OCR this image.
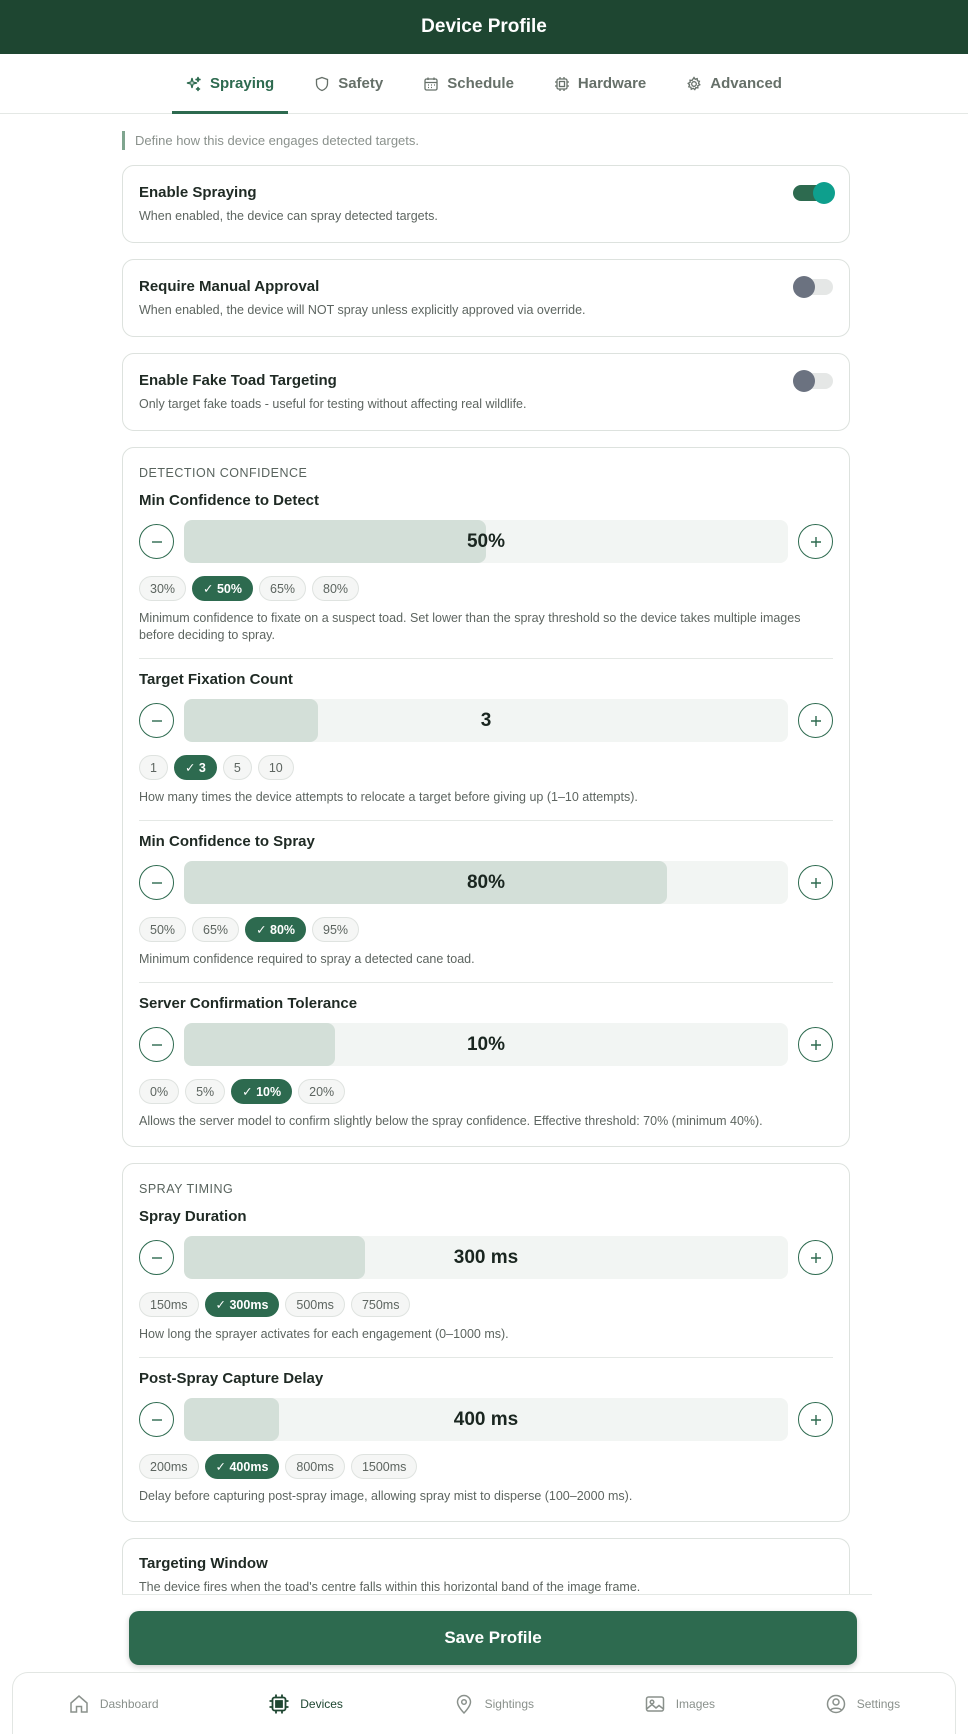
Device Profile
Spraying	Safety	Schedule	Hardware	Advanced
Define how this device engages detected targets.
Enable Spraying
When enabled, the device can spray detected targets.
Require Manual Approval
When enabled, the device will NOT spray unless explicitly approved via override.
Enable Fake Toad Targeting
Only target fake toads - useful for testing without affecting real wildlife.
DETECTION CONFIDENCE
Min Confidence to Detect
50%
30%	✓ 50%	65%	80%
Minimum confidence to fixate on a suspect toad. Set lower than the spray threshold so the device takes multiple images before deciding to spray.
Target Fixation Count
3
1	✓ 3	5	10
How many times the device attempts to relocate a target before giving up (1–10 attempts).
Min Confidence to Spray
80%
50%	65%	✓ 80%	95%
Minimum confidence required to spray a detected cane toad.
Server Confirmation Tolerance
10%
0%	5%	✓ 10%	20%
Allows the server model to confirm slightly below the spray confidence. Effective threshold: 70% (minimum 40%).
SPRAY TIMING
Spray Duration
300 ms
150ms	✓ 300ms	500ms	750ms
How long the sprayer activates for each engagement (0–1000 ms).
Post-Spray Capture Delay
400 ms
200ms	✓ 400ms	800ms	1500ms
Delay before capturing post-spray image, allowing spray mist to disperse (100–2000 ms).
Targeting Window
The device fires when the toad's centre falls within this horizontal band of the image frame.
Save Profile
Dashboard	Devices	Sightings	Images	Settings
